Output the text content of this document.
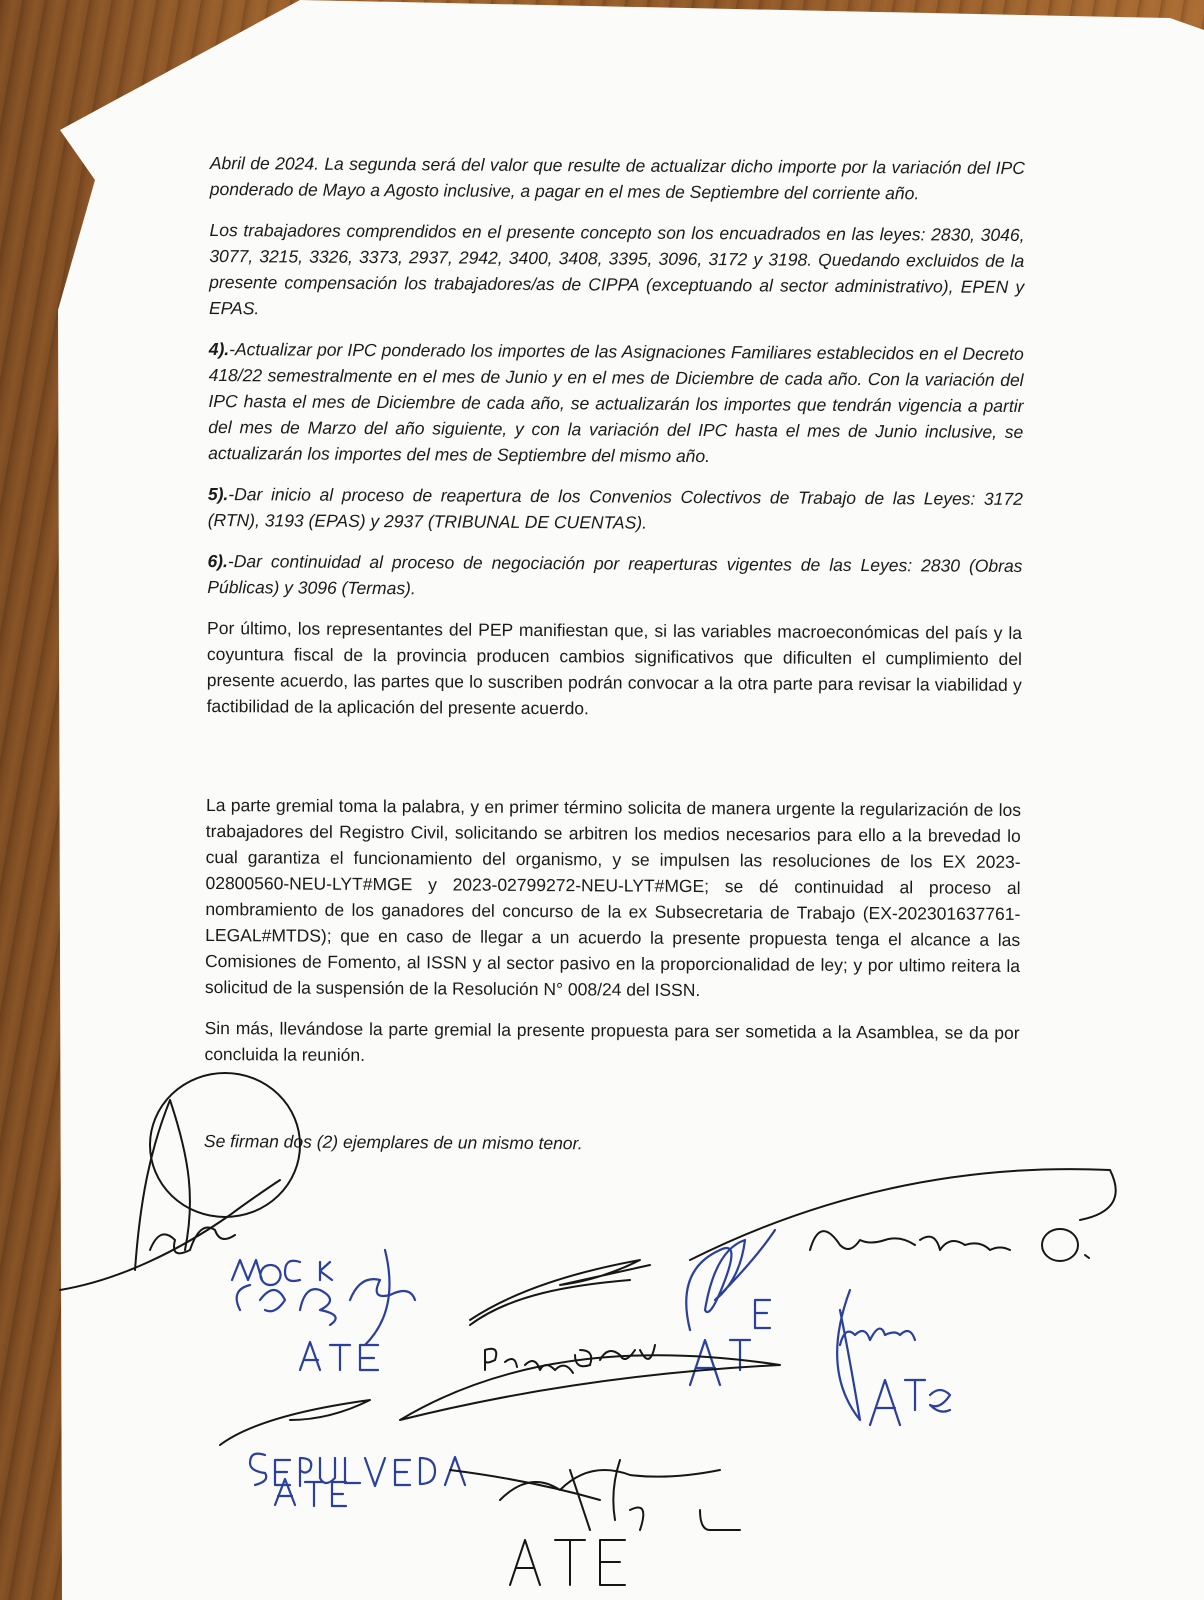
Abril de 2024. La segunda será del valor que resulte de actualizar dicho importe por la variación del IPC ponderado de Mayo a Agosto inclusive, a pagar en el mes de Septiembre del corriente año.

Los trabajadores comprendidos en el presente concepto son los encuadrados en las leyes: 2830, 3046, 3077, 3215, 3326, 3373, 2937, 2942, 3400, 3408, 3395, 3096, 3172 y 3198. Quedando excluidos de la presente compensación los trabajadores/as de CIPPA (exceptuando al sector administrativo), EPEN y EPAS.

4).-Actualizar por IPC ponderado los importes de las Asignaciones Familiares establecidos en el Decreto 418/22 semestralmente en el mes de Junio y en el mes de Diciembre de cada año. Con la variación del IPC hasta el mes de Diciembre de cada año, se actualizarán los importes que tendrán vigencia a partir del mes de Marzo del año siguiente, y con la variación del IPC hasta el mes de Junio inclusive, se actualizarán los importes del mes de Septiembre del mismo año.

5).-Dar inicio al proceso de reapertura de los Convenios Colectivos de Trabajo de las Leyes: 3172 (RTN), 3193 (EPAS) y 2937 (TRIBUNAL DE CUENTAS).

6).-Dar continuidad al proceso de negociación por reaperturas vigentes de las Leyes: 2830 (Obras Públicas) y 3096 (Termas).

Por último, los representantes del PEP manifiestan que, si las variables macroeconómicas del país y la coyuntura fiscal de la provincia producen cambios significativos que dificulten el cumplimiento del presente acuerdo, las partes que lo suscriben podrán convocar a la otra parte para revisar la viabilidad y factibilidad de la aplicación del presente acuerdo.

La parte gremial toma la palabra, y en primer término solicita de manera urgente la regularización de los trabajadores del Registro Civil, solicitando se arbitren los medios necesarios para ello a la brevedad lo cual garantiza el funcionamiento del organismo, y se impulsen las resoluciones de los EX 2023-02800560-NEU-LYT#MGE y 2023-02799272-NEU-LYT#MGE; se dé continuidad al proceso al nombramiento de los ganadores del concurso de la ex Subsecretaria de Trabajo (EX-202301637761-LEGAL#MTDS); que en caso de llegar a un acuerdo la presente propuesta tenga el alcance a las Comisiones de Fomento, al ISSN y al sector pasivo en la proporcionalidad de ley; y por ultimo reitera la solicitud de la suspensión de la Resolución N° 008/24 del ISSN.

Sin más, llevándose la parte gremial la presente propuesta para ser sometida a la Asamblea, se da por concluida la reunión.

Se firman dos (2) ejemplares de un mismo tenor.
